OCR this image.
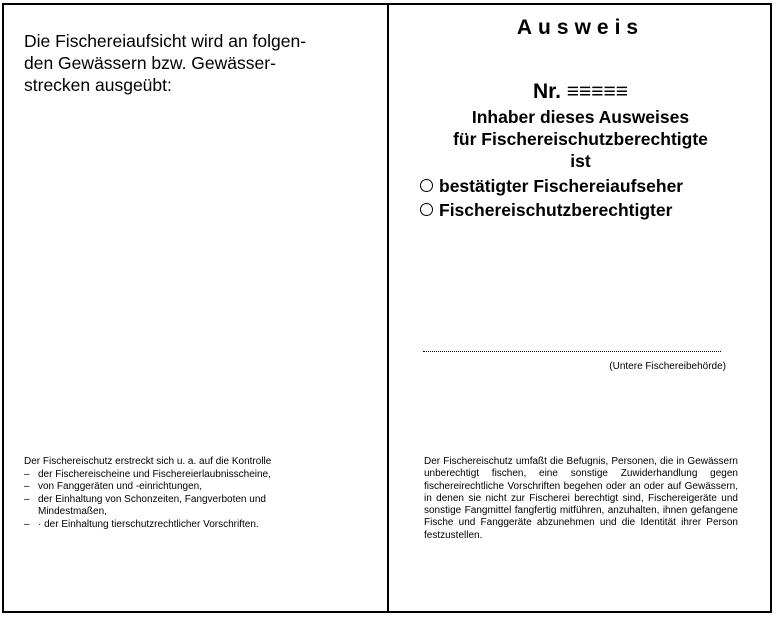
Die Fischereiaufsicht wird an folgen-
den Gewässern bzw. Gewässer-
strecken ausgeübt:
Der Fischereischutz erstreckt sich u. a. auf die Kontrolle
– der Fischereischeine und Fischereierlaubnisscheine,
– von Fanggeräten und -einrichtungen,
– der Einhaltung von Schonzeiten, Fangverboten und Mindestmaßen,
– · der Einhaltung tierschutzrechtlicher Vorschriften.
Ausweis
Nr. ≡≡≡≡≡
Inhaber dieses Ausweises
für Fischereischutzberechtigte
ist
bestätigter Fischereiaufseher
Fischereischutzberechtigter
(Untere Fischereibehörde)
Der Fischereischutz umfaßt die Befugnis, Personen, die in Gewässern unberechtigt fischen, eine sonstige Zuwiderhandlung gegen fischereirechtliche Vorschriften begehen oder an oder auf Gewässern, in denen sie nicht zur Fischerei berechtigt sind, Fischereigeräte und sonstige Fangmittel fangfertig mitführen, anzuhalten, ihnen gefangene Fische und Fanggeräte abzunehmen und die Identität ihrer Person festzustellen.
